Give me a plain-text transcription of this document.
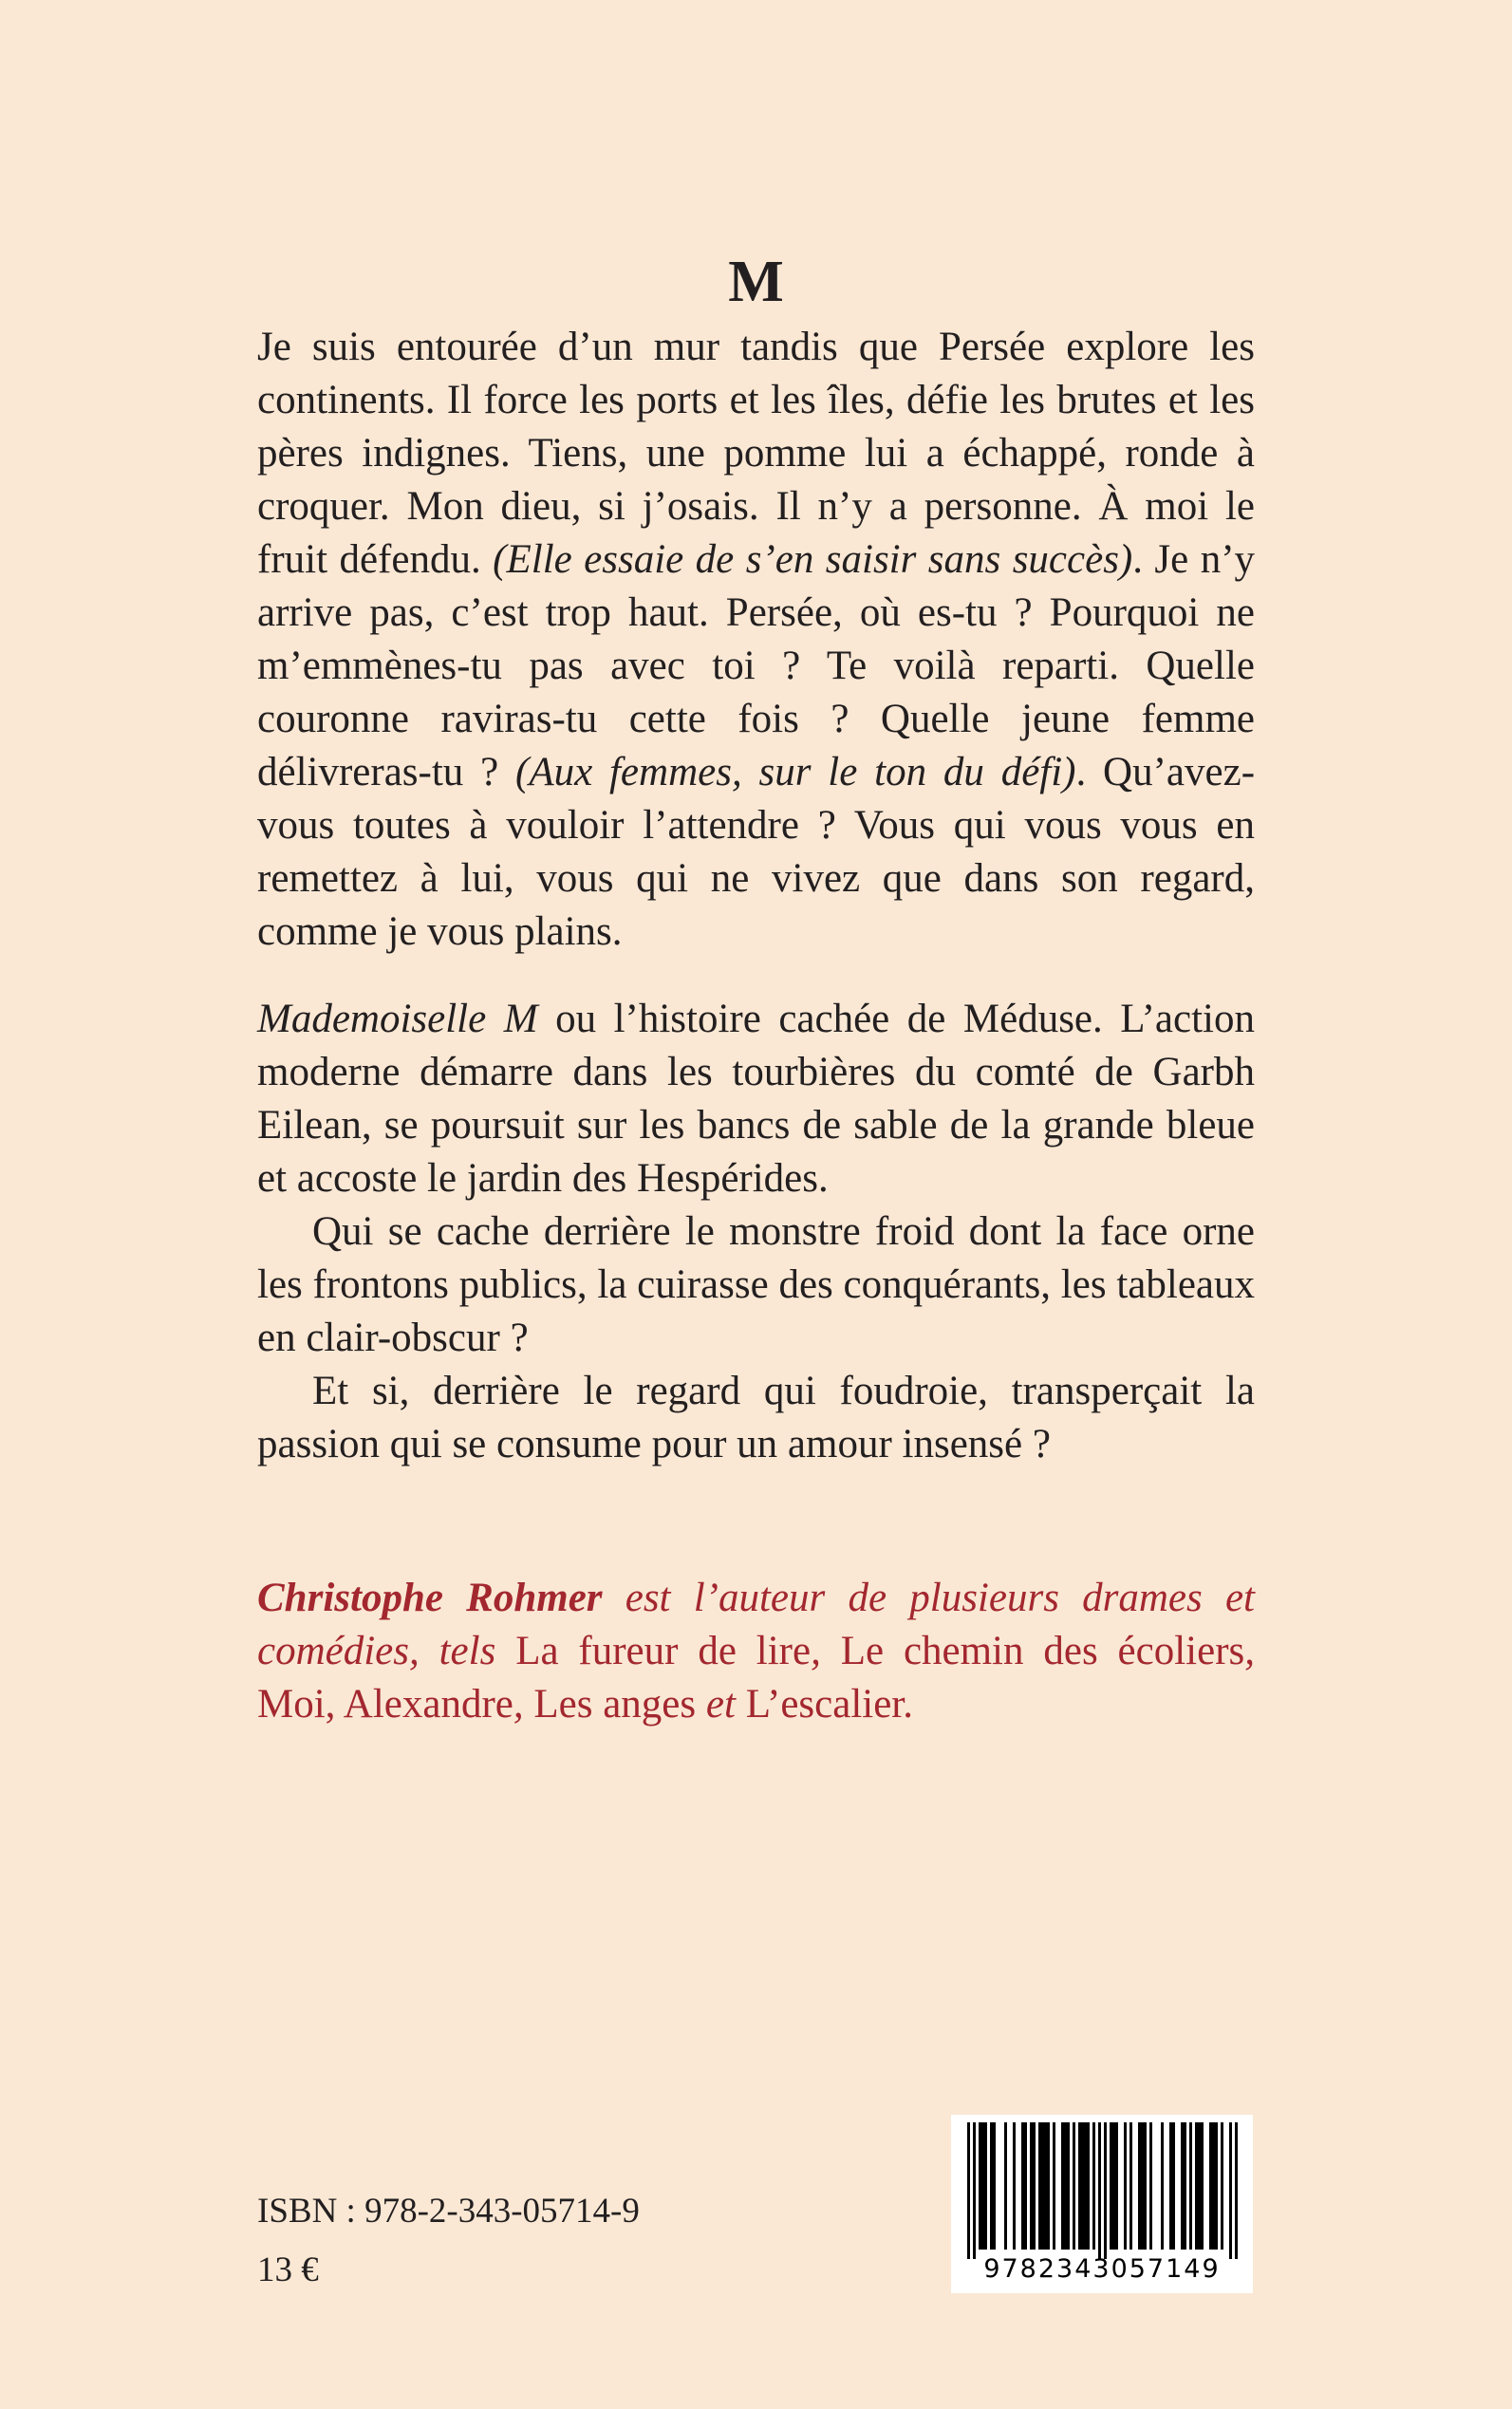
M
Je suis entourée d’un mur tandis que Persée explore les continents. Il force les ports et les îles, défie les brutes et les pères indignes. Tiens, une pomme lui a échappé, ronde à croquer. Mon dieu, si j’osais. Il n’y a personne. À moi le fruit défendu. (Elle essaie de s’en saisir sans succès). Je n’y arrive pas, c’est trop haut. Persée, où es-tu ? Pourquoi ne m’emmènes-tu pas avec toi ? Te voilà reparti. Quelle couronne raviras-tu cette fois ? Quelle jeune femme délivreras-tu ? (Aux femmes, sur le ton du défi). Qu’avez-vous toutes à vouloir l’attendre ? Vous qui vous vous en remettez à lui, vous qui ne vivez que dans son regard, comme je vous plains.

Mademoiselle M ou l’histoire cachée de Méduse. L’action moderne démarre dans les tourbières du comté de Garbh Eilean, se poursuit sur les bancs de sable de la grande bleue et accoste le jardin des Hespérides.

Qui se cache derrière le monstre froid dont la face orne les frontons publics, la cuirasse des conquérants, les tableaux en clair-obscur ?

Et si, derrière le regard qui foudroie, transperçait la passion qui se consume pour un amour insensé ?

Christophe Rohmer est l’auteur de plusieurs drames et comédies, tels La fureur de lire, Le chemin des écoliers, Moi, Alexandre, Les anges et L’escalier.
ISBN : 978-2-343-05714-9
13 €	9782343057149
